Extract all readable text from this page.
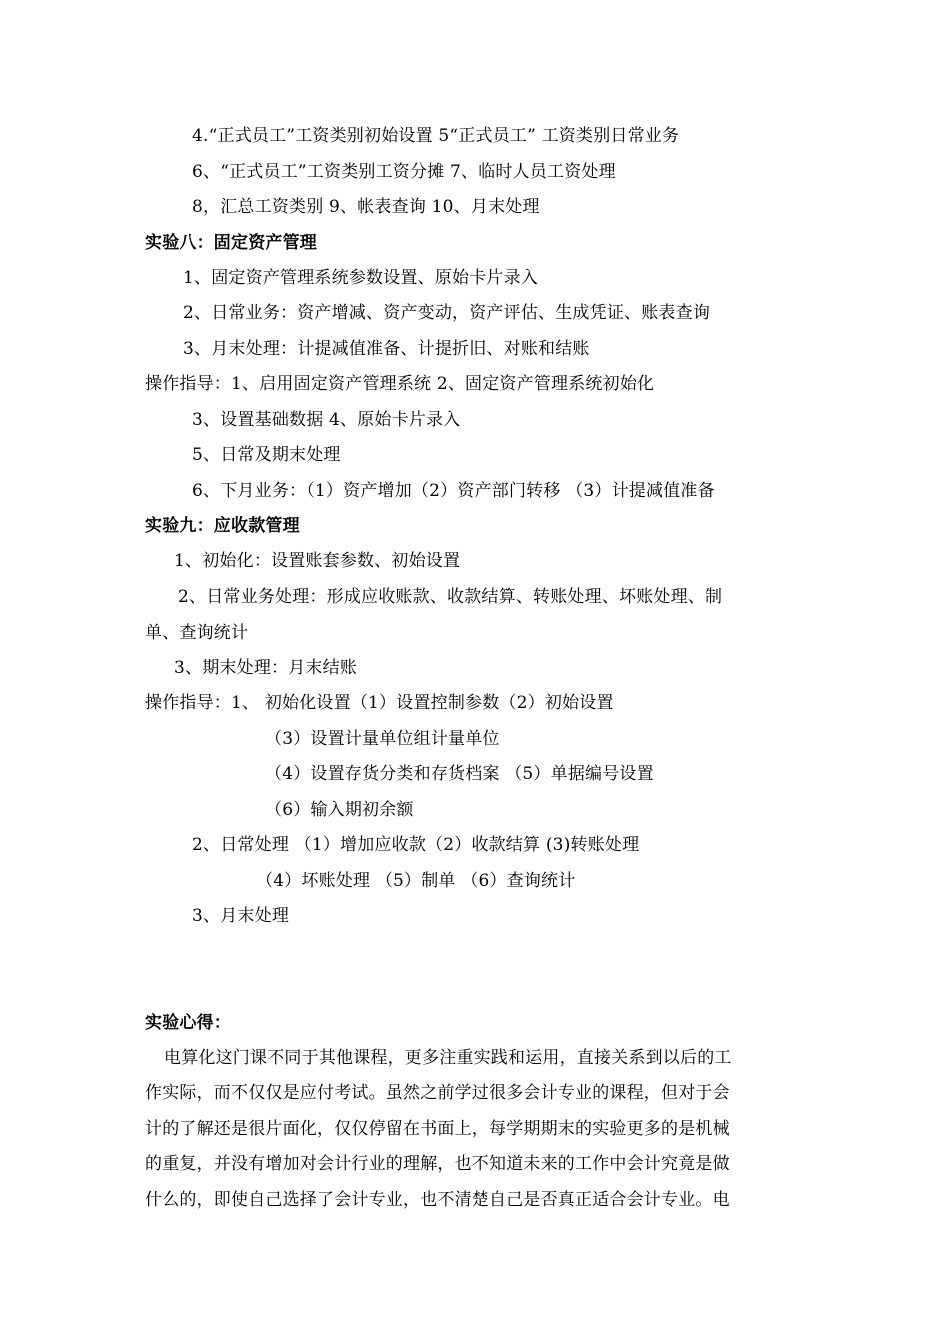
4.“正式员工”工资类别初始设置 5“正式员工” 工资类别日常业务
6、“正式员工”工资类别工资分摊 7、临时人员工资处理
8，汇总工资类别 9、帐表查询 10、月末处理
实验八：固定资产管理
1、固定资产管理系统参数设置、原始卡片录入
2、日常业务：资产增减、资产变动，资产评估、生成凭证、账表查询
3、月末处理：计提减值准备、计提折旧、对账和结账
操作指导：1、启用固定资产管理系统 2、固定资产管理系统初始化
3、设置基础数据 4、原始卡片录入
5、日常及期末处理
6、下月业务：（1）资产增加（2）资产部门转移 （3）计提减值准备
实验九：应收款管理
1、初始化：设置账套参数、初始设置
2、日常业务处理：形成应收账款、收款结算、转账处理、坏账处理、制
单、查询统计
3、期末处理：月末结账
操作指导：1、 初始化设置（1）设置控制参数（2）初始设置
（3）设置计量单位组计量单位
（4）设置存货分类和存货档案 （5）单据编号设置
（6）输入期初余额
2、日常处理 （1）增加应收款（2）收款结算 (3)转账处理
（4）坏账处理 （5）制单 （6）查询统计
3、月末处理
实验心得：
电算化这门课不同于其他课程，更多注重实践和运用，直接关系到以后的工
作实际，而不仅仅是应付考试。虽然之前学过很多会计专业的课程，但对于会
计的了解还是很片面化，仅仅停留在书面上，每学期期末的实验更多的是机械
的重复，并没有增加对会计行业的理解，也不知道未来的工作中会计究竟是做
什么的，即使自己选择了会计专业，也不清楚自己是否真正适合会计专业。电
